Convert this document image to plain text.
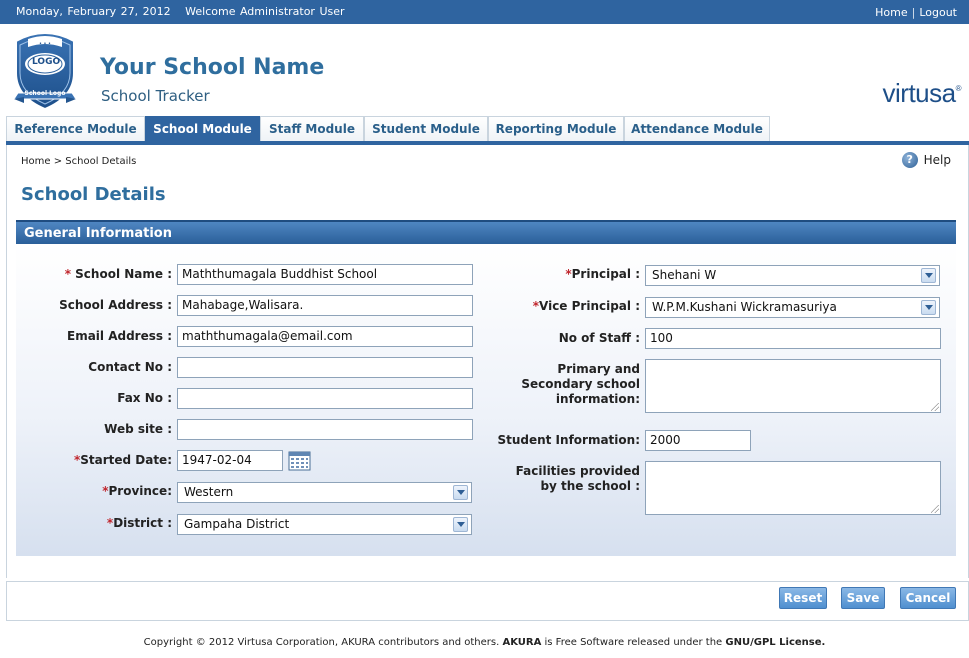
Monday, February 27, 2012 Welcome Administrator User	Home | Logout
• • •
LOGO
School Logo
Your School Name
School Tracker	virtusa®
Reference Module	School Module	Staff Module	Student Module	Reporting Module	Attendance Module
Home > School Details	? Help
School Details
General Information
* School Name : Maththumagala Buddhist School
School Address : Mahabage,Walisara.
Email Address : maththumagala@email.com
Contact No :
Fax No :
Web site :
*Started Date: 1947-02-04
*Province:	Western
*District :	Gampaha District
*Principal :	Shehani W
*Vice Principal :	W.P.M.Kushani Wickramasuriya
No of Staff : 100
Primary and
Secondary school
information:
Student Information: 2000
Facilities provided
by the school :
Reset	Save	Cancel
Copyright © 2012 Virtusa Corporation, AKURA contributors and others. AKURA is Free Software released under the GNU/GPL License.
